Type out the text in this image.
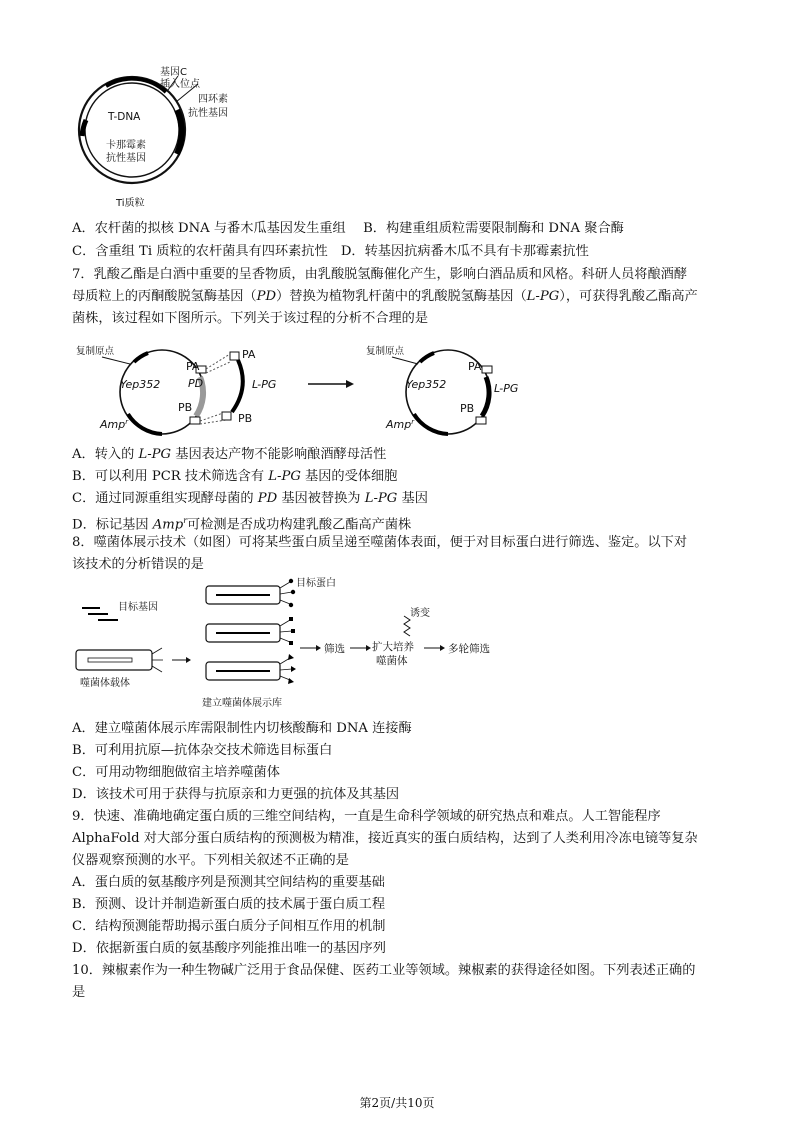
基因C
插入位点
四环素
抗性基因
T-DNA
卡那霉素
抗性基因
Ti质粒
A．农杆菌的拟核 DNA 与番木瓜基因发生重组　 B．构建重组质粒需要限制酶和 DNA 聚合酶
C．含重组 Ti 质粒的农杆菌具有四环素抗性　D．转基因抗病番木瓜不具有卡那霉素抗性
7．乳酸乙酯是白酒中重要的呈香物质，由乳酸脱氢酶催化产生，影响白酒品质和风格。科研人员将酿酒酵
母质粒上的丙酮酸脱氢酶基因（PD）替换为植物乳杆菌中的乳酸脱氢酶基因（L-PG），可获得乳酸乙酯高产
菌株，该过程如下图所示。下列关于该过程的分析不合理的是
复制原点
Yep352
PA
PD
PB
Amp$^r$
PA
L-PG
PB
复制原点
Yep352
PA
L-PG
PB
Amp$^r$
A．转入的 L-PG 基因表达产物不能影响酿酒酵母活性
B．可以利用 PCR 技术筛选含有 L-PG 基因的受体细胞
C．通过同源重组实现酵母菌的 PD 基因被替换为 L-PG 基因
D．标记基因 Amp$^r$可检测是否成功构建乳酸乙酯高产菌株
8．噬菌体展示技术（如图）可将某些蛋白质呈递至噬菌体表面，便于对目标蛋白进行筛选、鉴定。以下对
该技术的分析错误的是
目标基因
噬菌体载体
目标蛋白
建立噬菌体展示库
筛选
诱变
扩大培养
噬菌体
多轮筛选
A．建立噬菌体展示库需限制性内切核酸酶和 DNA 连接酶
B．可利用抗原—抗体杂交技术筛选目标蛋白
C．可用动物细胞做宿主培养噬菌体
D．该技术可用于获得与抗原亲和力更强的抗体及其基因
9．快速、准确地确定蛋白质的三维空间结构，一直是生命科学领域的研究热点和难点。人工智能程序
AlphaFold 对大部分蛋白质结构的预测极为精准，接近真实的蛋白质结构，达到了人类利用冷冻电镜等复杂
仪器观察预测的水平。下列相关叙述不正确的是
A．蛋白质的氨基酸序列是预测其空间结构的重要基础
B．预测、设计并制造新蛋白质的技术属于蛋白质工程
C．结构预测能帮助揭示蛋白质分子间相互作用的机制
D．依据新蛋白质的氨基酸序列能推出唯一的基因序列
10．辣椒素作为一种生物碱广泛用于食品保健、医药工业等领域。辣椒素的获得途径如图。下列表述正确的
是
第2页/共10页
